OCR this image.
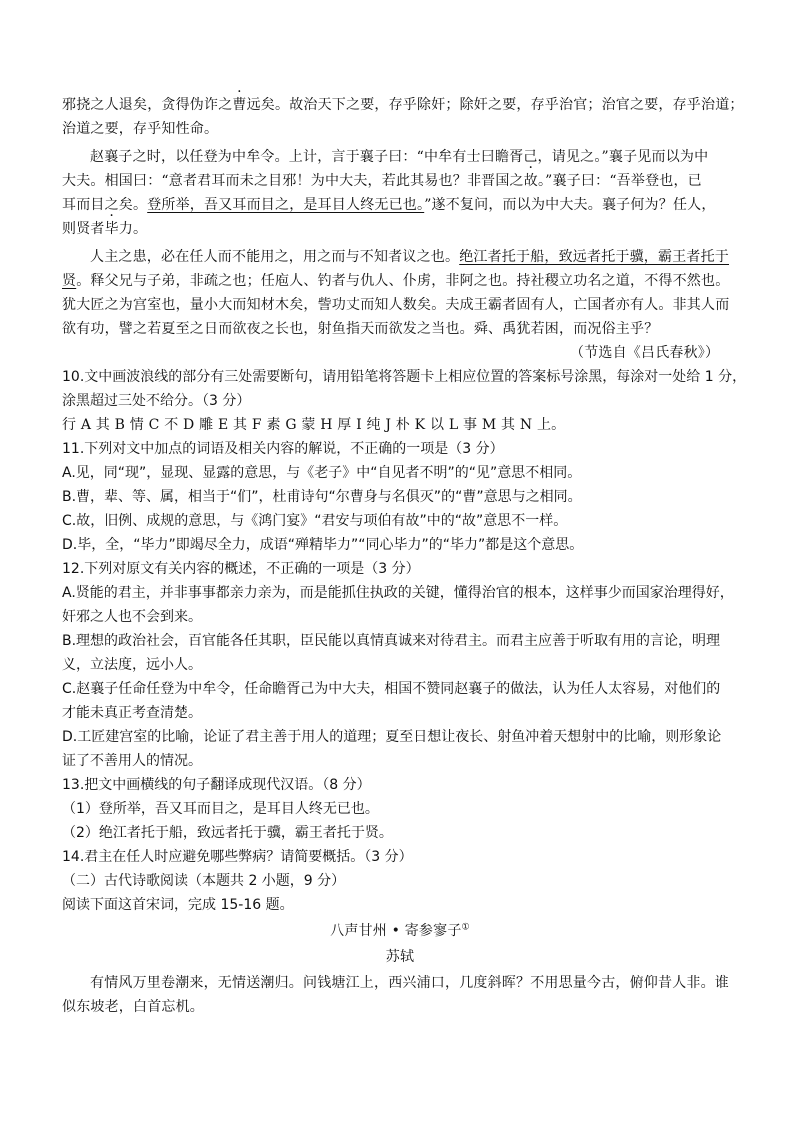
邪挠之人退矣，贪得伪诈之曹远矣。故治天下之要，存乎除奸；除奸之要，存乎治官；治官之要，存乎治道；
治道之要，存乎知性命。
赵襄子之时，以任登为中牟令。上计，言于襄子曰：“中牟有士曰瞻胥己，请见之。”襄子见而以为中
大夫。相国曰：“意者君耳而未之目邪！为中大夫，若此其易也？非晋国之故。”襄子曰：“吾举登也，已
耳而目之矣。登所举，吾又耳而目之，是耳目人终无已也。”遂不复问，而以为中大夫。襄子何为？任人，
则贤者毕力。
人主之患，必在任人而不能用之，用之而与不知者议之也。绝江者托于船，致远者托于骥，霸王者托于
贤。释父兄与子弟，非疏之也；任庖人、钓者与仇人、仆虏，非阿之也。持社稷立功名之道，不得不然也。
犹大匠之为宫室也，量小大而知材木矣，訾功丈而知人数矣。夫成王霸者固有人，亡国者亦有人。非其人而
欲有功，譬之若夏至之日而欲夜之长也，射鱼指天而欲发之当也。舜、禹犹若困，而况俗主乎？
（节选自《吕氏春秋》）
10.文中画波浪线的部分有三处需要断句，请用铅笔将答题卡上相应位置的答案标号涂黑，每涂对一处给 1 分，
涂黑超过三处不给分。（3 分）
行 A 其 B 情 C 不 D 雕 E 其 F 素 G 蒙 H 厚 I 纯 J 朴 K 以 L 事 M 其 N 上。
11.下列对文中加点的词语及相关内容的解说，不正确的一项是（3 分）
A.见，同“现”，显现、显露的意思，与《老子》中“自见者不明”的“见”意思不相同。
B.曹，辈、等、属，相当于“们”，杜甫诗句“尔曹身与名俱灭”的“曹”意思与之相同。
C.故，旧例、成规的意思，与《鸿门宴》“君安与项伯有故”中的“故”意思不一样。
D.毕，全，“毕力”即竭尽全力，成语“殚精毕力”“同心毕力”的“毕力”都是这个意思。
12.下列对原文有关内容的概述，不正确的一项是（3 分）
A.贤能的君主，并非事事都亲力亲为，而是能抓住执政的关键，懂得治官的根本，这样事少而国家治理得好，
奸邪之人也不会到来。
B.理想的政治社会，百官能各任其职，臣民能以真情真诚来对待君主。而君主应善于听取有用的言论，明理
义，立法度，远小人。
C.赵襄子任命任登为中牟令，任命瞻胥己为中大夫，相国不赞同赵襄子的做法，认为任人太容易，对他们的
才能未真正考查清楚。
D.工匠建宫室的比喻，论证了君主善于用人的道理；夏至日想让夜长、射鱼冲着天想射中的比喻，则形象论
证了不善用人的情况。
13.把文中画横线的句子翻译成现代汉语。（8 分）
（1）登所举，吾又耳而目之，是耳目人终无已也。
（2）绝江者托于船，致远者托于骥，霸王者托于贤。
14.君主在任人时应避免哪些弊病？请简要概括。（3 分）
（二）古代诗歌阅读（本题共 2 小题，9 分）
阅读下面这首宋词，完成 15-16 题。
八声甘州 • 寄参寥子①
苏轼
有情风万里卷潮来，无情送潮归。问钱塘江上，西兴浦口，几度斜晖？不用思量今古，俯仰昔人非。谁
似东坡老，白首忘机。
